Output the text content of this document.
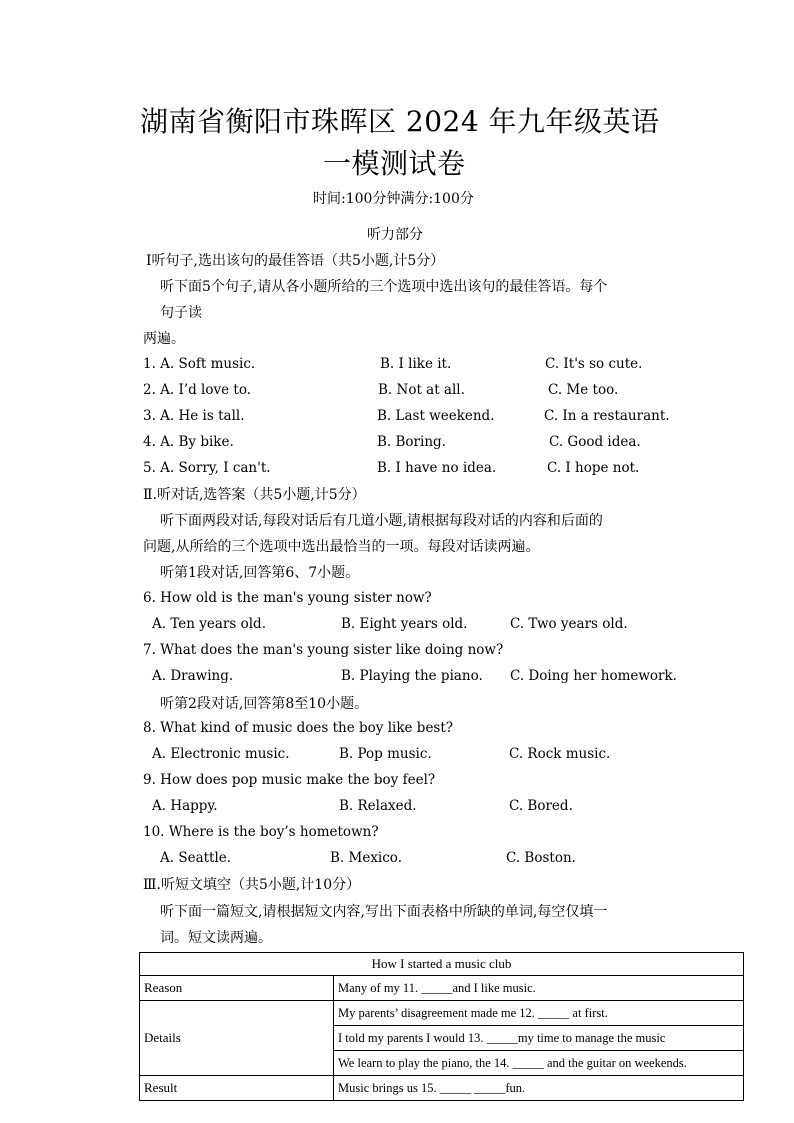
湖南省衡阳市珠晖区 2024 年九年级英语
一模测试卷
时间:100分钟满分:100分
听力部分
Ⅰ听句子,选出该句的最佳答语（共5小题,计5分）
听下面5个句子,请从各小题所给的三个选项中选出该句的最佳答语。每个
句子读
两遍。
1. A. Soft music.	B. I like it.	C. It's so cute.
2. A. I’d love to.	B. Not at all.	C. Me too.
3. A. He is tall.	B. Last weekend.	C. In a restaurant.
4. A. By bike.	B. Boring.	C. Good idea.
5. A. Sorry, I can't.	B. I have no idea.	C. I hope not.
Ⅱ.听对话,选答案（共5小题,计5分）
听下面两段对话,每段对话后有几道小题,请根据每段对话的内容和后面的
问题,从所给的三个选项中选出最恰当的一项。每段对话读两遍。
听第1段对话,回答第6、7小题。
6. How old is the man's young sister now?
A. Ten years old.	B. Eight years old.	C. Two years old.
7. What does the man's young sister like doing now?
A. Drawing.	B. Playing the piano. C. Doing her homework.
听第2段对话,回答第8至10小题。
8. What kind of music does the boy like best?
A. Electronic music.	B. Pop music.	C. Rock music.
9. How does pop music make the boy feel?
A. Happy.	B. Relaxed.	C. Bored.
10. Where is the boy’s hometown?
A. Seattle.	B. Mexico.	C. Boston.
Ⅲ.听短文填空（共5小题,计10分）
听下面一篇短文,请根据短文内容,写出下面表格中所缺的单词,每空仅填一
词。短文读两遍。
How I started a music club	
Reason	Many of my 11. _____and I like music.
Details	My parents’ disagreement made me 12. _____ at first.
	I told my parents I would 13. _____my time to manage the music
	We learn to play the piano, the 14. _____ and the guitar on weekends.
Result	Music brings us 15. _____ _____fun.
